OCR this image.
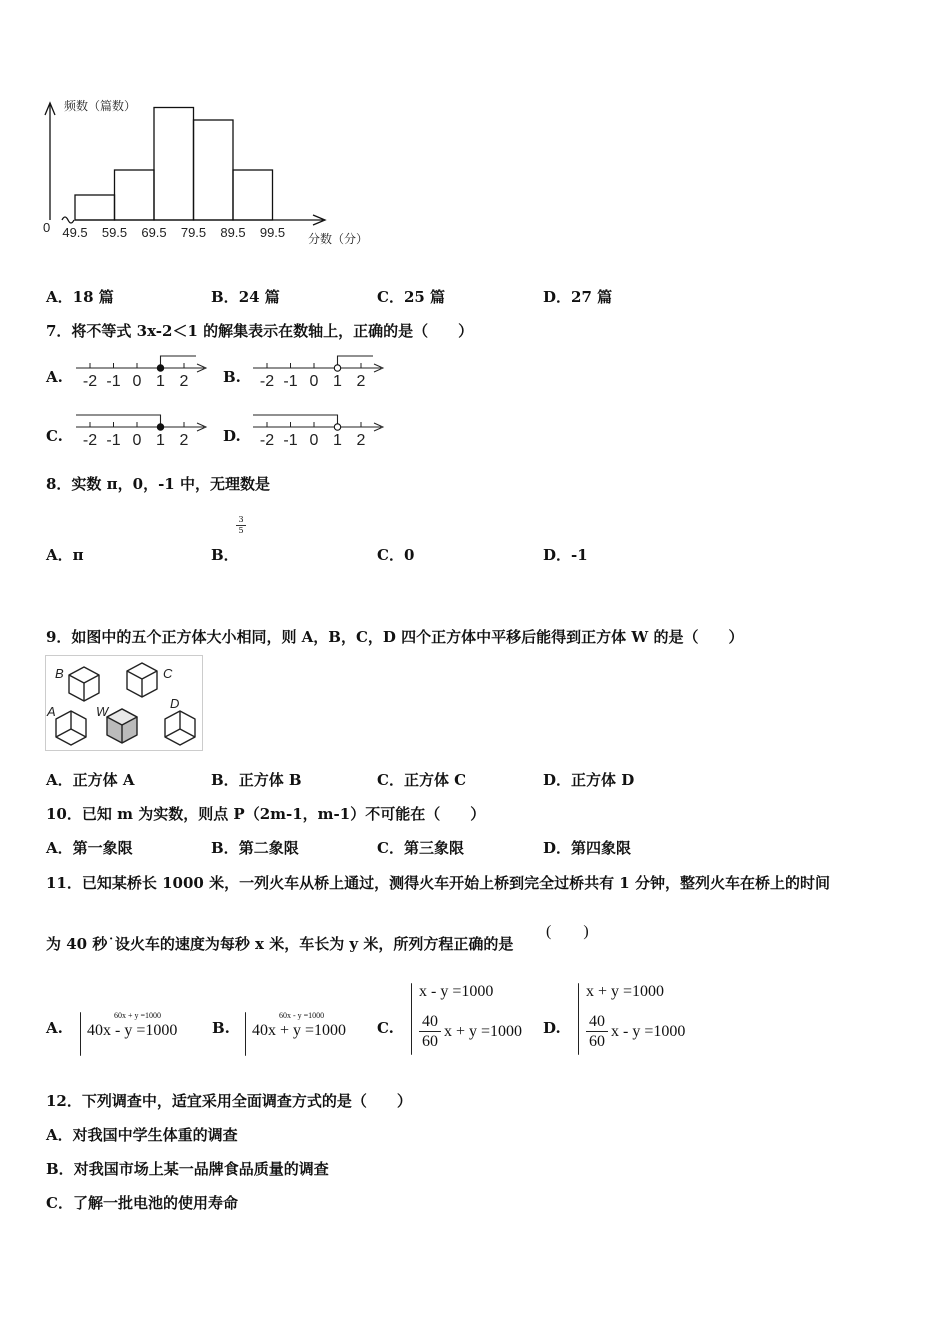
频数（篇数）
0
分数（分）
49.5 59.5 69.5 79.5 89.5 99.5
A．18 篇	B．24 篇	C．25 篇	D．27 篇
7．将不等式 3x-2＜1 的解集表示在数轴上，正确的是（　　）
A. -2 -1 0 1 2 B. -2 -1 0 1 2
C. -2 -1 0 1 2 D. -2 -1 0 1 2
8．实数 π，0，-1 中，无理数是
A．π	B．
3
5
C．0	D．-1
9．如图中的五个正方体大小相同，则 A，B，C，D 四个正方体中平移后能得到正方体 W 的是（　　）
B	C
A	W
D
A．正方体 A	B．正方体 B	C．正方体 C	D．正方体 D
10．已知 m 为实数，则点 P（2m-1，m-1）不可能在（　　）
A．第一象限	B．第二象限	C．第三象限	D．第四象限
11．已知某桥长 1000 米，一列火车从桥上通过，测得火车开始上桥到完全过桥共有 1 分钟，整列火车在桥上的时间
为 40 秒˙设火车的速度为每秒 x 米，车长为 y 米，所列方程正确的是
(　　)
A.
60x + y =1000
40x - y =1000 B.
60x - y =1000
40x + y =1000 C.
x - y =1000
40
60
x + y =1000 D.
x + y =1000
40
60
x - y =1000
12．下列调查中，适宜采用全面调查方式的是（　　）
A．对我国中学生体重的调查
B．对我国市场上某一品牌食品质量的调查
C．了解一批电池的使用寿命
